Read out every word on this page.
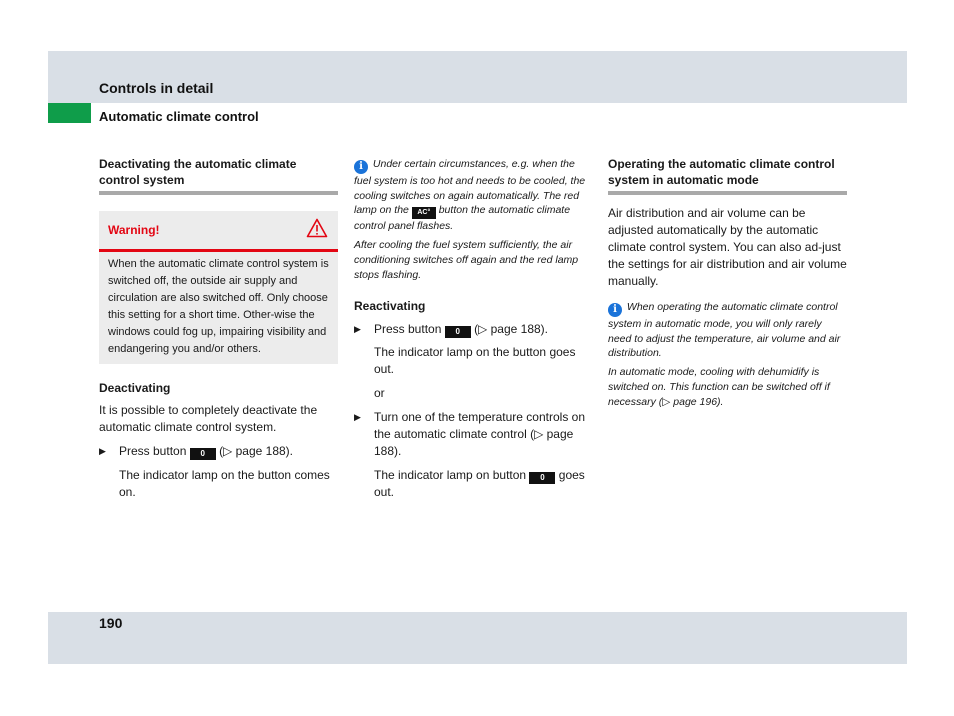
Controls in detail
Automatic climate control
Deactivating the automatic climate control system
Warning!
When the automatic climate control system is switched off, the outside air supply and circulation are also switched off. Only choose this setting for a short time. Other-wise the windows could fog up, impairing visibility and endangering you and/or others.

Deactivating

It is possible to completely deactivate the automatic climate control system.

▶	Press button 0 (▷ page 188).

The indicator lamp on the button comes on.

i Under certain circumstances, e.g. when the fuel system is too hot and needs to be cooled, the cooling switches on again automatically. The red lamp on the AC° button the automatic climate control panel flashes.

After cooling the fuel system sufficiently, the air conditioning switches off again and the red lamp stops flashing.

Reactivating

▶	Press button 0 (▷ page 188).

The indicator lamp on the button goes out.

or

▶	Turn one of the temperature controls on the automatic climate control (▷ page 188).

The indicator lamp on button 0 goes out.

Operating the automatic climate control system in automatic mode

Air distribution and air volume can be adjusted automatically by the automatic climate control system. You can also ad-just the settings for air distribution and air volume manually.

i When operating the automatic climate control system in automatic mode, you will only rarely need to adjust the temperature, air volume and air distribution.

In automatic mode, cooling with dehumidify is switched on. This function can be switched off if necessary (▷ page 196).

190
